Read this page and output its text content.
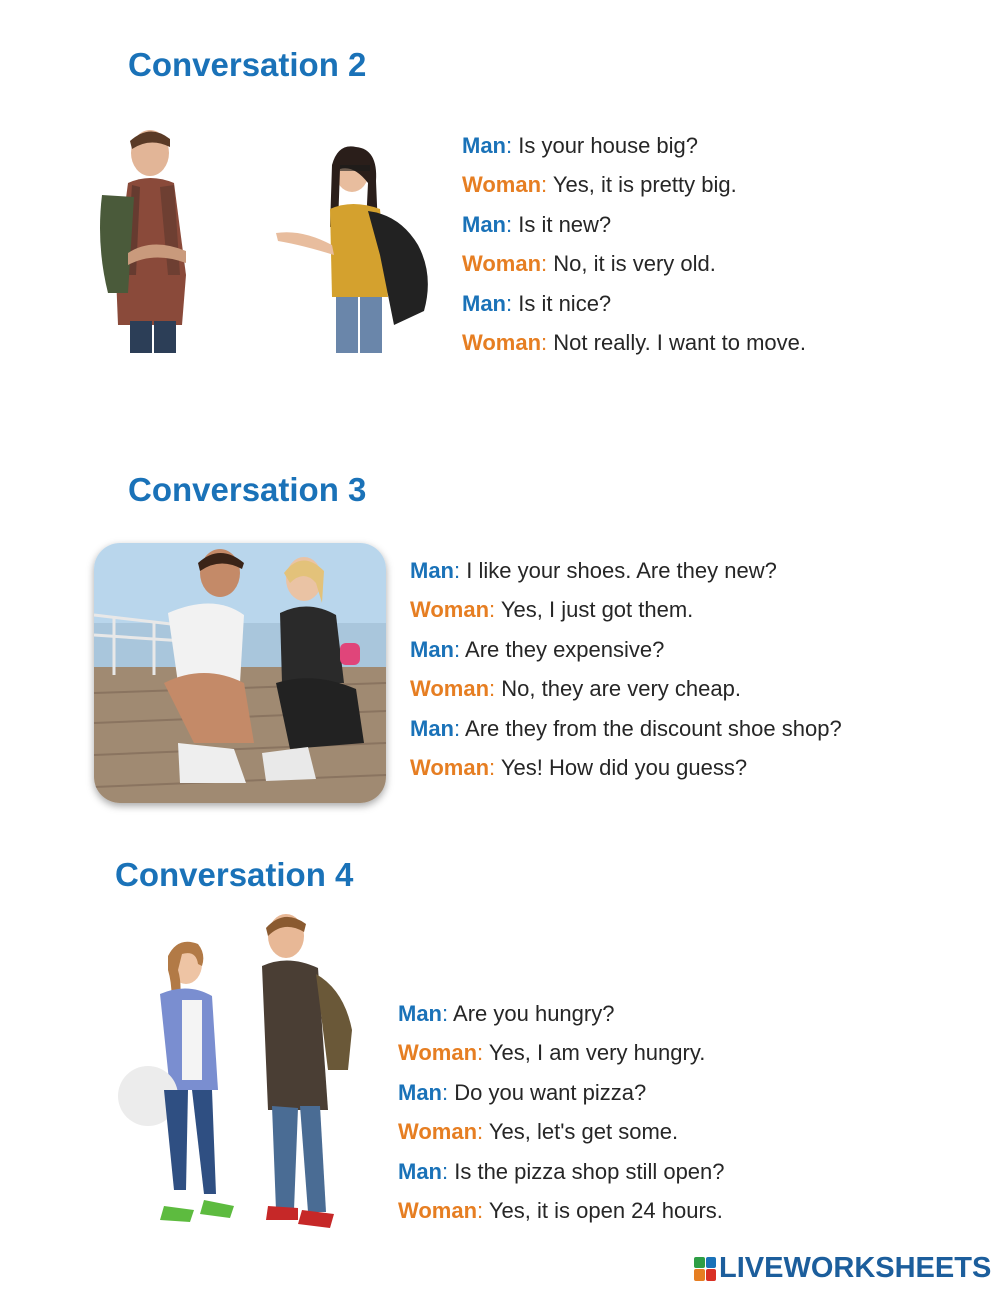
Conversation 2
Man: Is your house big?
Woman: Yes, it is pretty big.
Man: Is it new?
Woman: No, it is very old.
Man: Is it nice?
Woman: Not really. I want to move.
Conversation 3
Man: I like your shoes. Are they new?
Woman: Yes, I just got them.
Man: Are they expensive?
Woman: No, they are very cheap.
Man: Are they from the discount shoe shop?
Woman: Yes! How did you guess?
Conversation 4
Man: Are you hungry?
Woman: Yes, I am very hungry.
Man: Do you want pizza?
Woman: Yes, let's get some.
Man: Is the pizza shop still open?
Woman: Yes, it is open 24 hours.
LIVEWORKSHEETS
